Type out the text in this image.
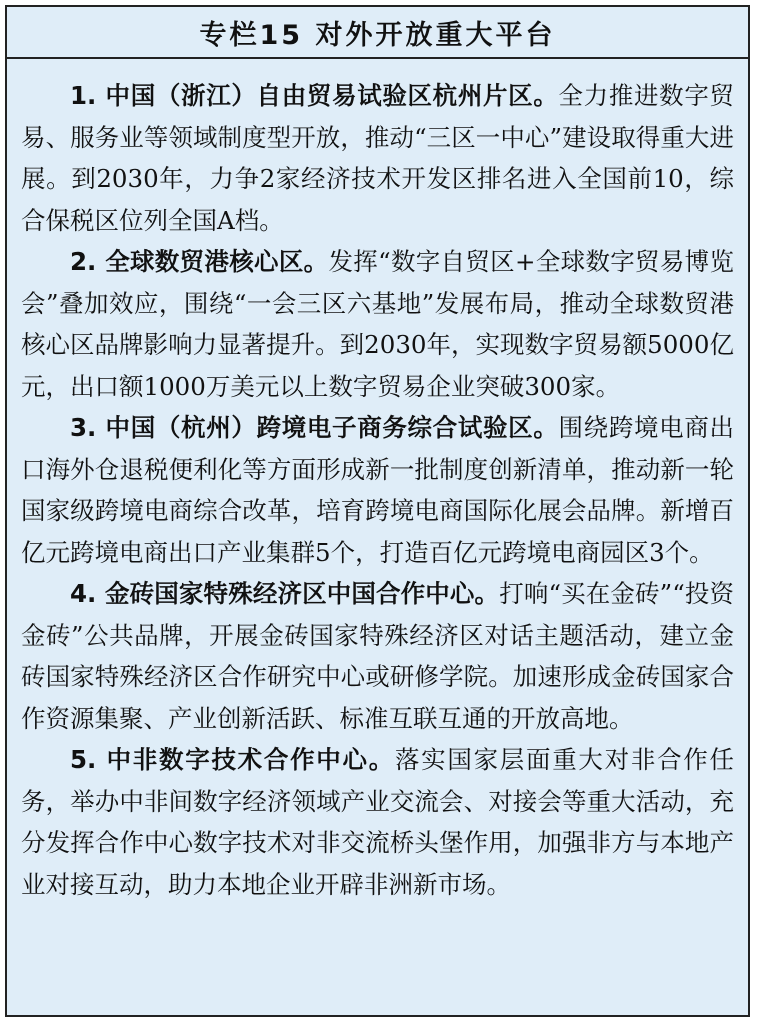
专栏15 对外开放重大平台

1. 中国（浙江）自由贸易试验区杭州片区。全力推进数字贸易、服务业等领域制度型开放，推动“三区一中心”建设取得重大进展。到2030年，力争2家经济技术开发区排名进入全国前10，综合保税区位列全国A档。

2. 全球数贸港核心区。发挥“数字自贸区+全球数字贸易博览会”叠加效应，围绕“一会三区六基地”发展布局，推动全球数贸港核心区品牌影响力显著提升。到2030年，实现数字贸易额5000亿元，出口额1000万美元以上数字贸易企业突破300家。

3. 中国（杭州）跨境电子商务综合试验区。围绕跨境电商出口海外仓退税便利化等方面形成新一批制度创新清单，推动新一轮国家级跨境电商综合改革，培育跨境电商国际化展会品牌。新增百亿元跨境电商出口产业集群5个，打造百亿元跨境电商园区3个。

4. 金砖国家特殊经济区中国合作中心。打响“买在金砖”“投资金砖”公共品牌，开展金砖国家特殊经济区对话主题活动，建立金砖国家特殊经济区合作研究中心或研修学院。加速形成金砖国家合作资源集聚、产业创新活跃、标准互联互通的开放高地。

5. 中非数字技术合作中心。落实国家层面重大对非合作任务，举办中非间数字经济领域产业交流会、对接会等重大活动，充分发挥合作中心数字技术对非交流桥头堡作用，加强非方与本地产业对接互动，助力本地企业开辟非洲新市场。
